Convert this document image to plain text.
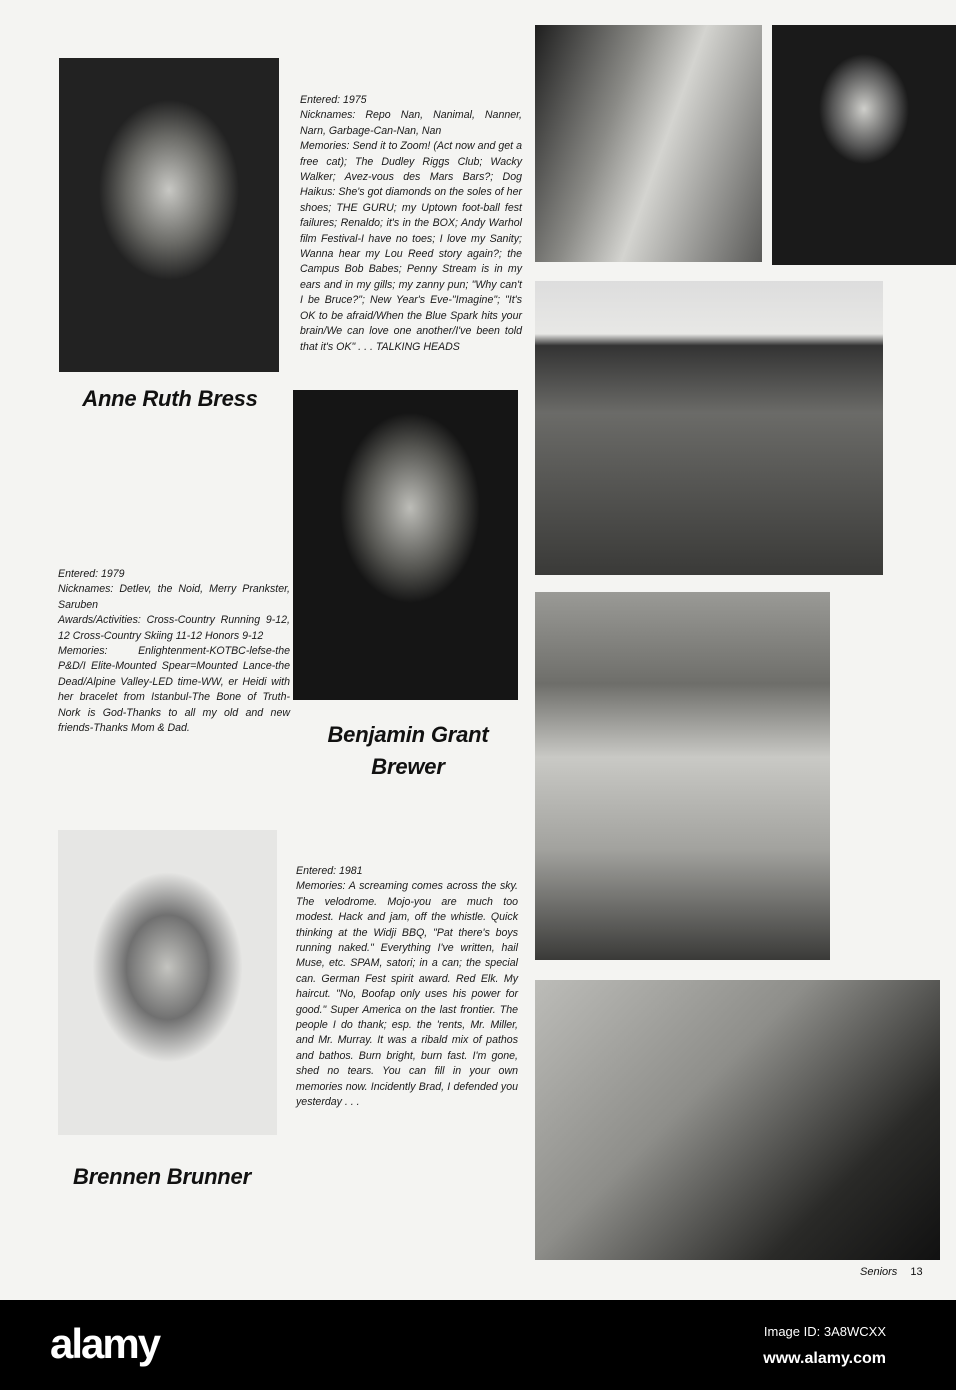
Entered: 1975

Nicknames: Repo Nan, Nanimal, Nanner, Narn, Garbage-Can-Nan, Nan

Memories: Send it to Zoom! (Act now and get a free cat); The Dudley Riggs Club; Wacky Walker; Avez-vous des Mars Bars?; Dog Haikus: She's got diamonds on the soles of her shoes; THE GURU; my Uptown foot-ball fest failures; Renaldo; it's in the BOX; Andy Warhol film Festival-I have no toes; I love my Sanity; Wanna hear my Lou Reed story again?; the Campus Bob Babes; Penny Stream is in my ears and in my gills; my zanny pun; "Why can't I be Bruce?"; New Year's Eve-"Imagine"; "It's OK to be afraid/When the Blue Spark hits your brain/We can love one another/I've been told that it's OK" . . . TALKING HEADS

Anne Ruth Bress

Entered: 1979

Nicknames: Detlev, the Noid, Merry Prankster, Saruben

Awards/Activities: Cross-Country Running 9-12, 12 Cross-Country Skiing 11-12 Honors 9-12

Memories: Enlightenment-KOTBC-lefse-the P&D/I Elite-Mounted Spear=Mounted Lance-the Dead/Alpine Valley-LED time-WW, er Heidi with her bracelet from Istanbul-The Bone of Truth-Nork is God-Thanks to all my old and new friends-Thanks Mom & Dad.	Benjamin Grant
Brewer

Entered: 1981

Memories: A screaming comes across the sky. The velodrome. Mojo-you are much too modest. Hack and jam, off the whistle. Quick thinking at the Widji BBQ, "Pat there's boys running naked." Everything I've written, hail Muse, etc. SPAM, satori; in a can; the special can. German Fest spirit award. Red Elk. My haircut. "No, Boofap only uses his power for good." Super America on the last frontier. The people I do thank; esp. the 'rents, Mr. Miller, and Mr. Murray. It was a ribald mix of pathos and bathos. Burn bright, burn fast. I'm gone, shed no tears. You can fill in your own memories now. Incidently Brad, I defended you yesterday . . .

Brennen Brunner
Seniors 13
alamy	Image ID: 3A8WCXX
www.alamy.com
